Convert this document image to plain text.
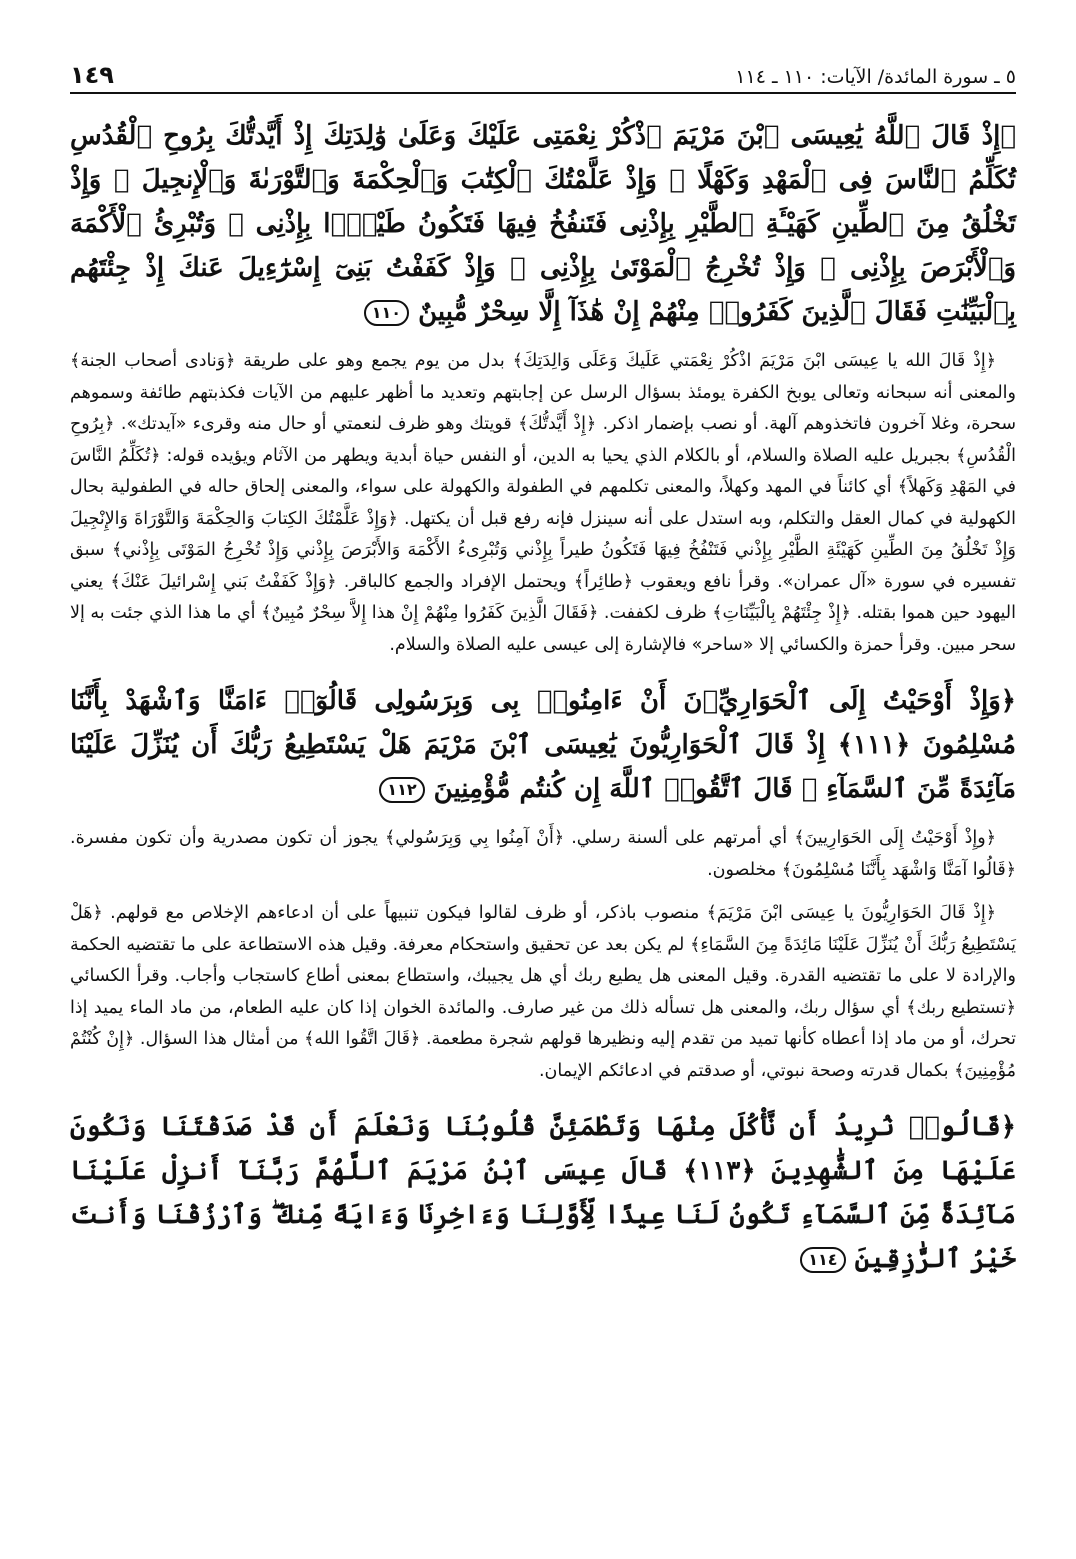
٥ ـ سورة المائدة/ الآيات: ١١٠ ـ ١١٤
١٤٩

﴿إِذْ قَالَ ٱللَّهُ يَٰعِيسَى ٱبْنَ مَرْيَمَ ٱذْكُرْ نِعْمَتِى عَلَيْكَ وَعَلَىٰ وَٰلِدَتِكَ إِذْ أَيَّدتُّكَ بِرُوحِ ٱلْقُدُسِ تُكَلِّمُ ٱلنَّاسَ فِى ٱلْمَهْدِ وَكَهْلًا ۖ وَإِذْ عَلَّمْتُكَ ٱلْكِتَٰبَ وَٱلْحِكْمَةَ وَٱلتَّوْرَىٰةَ وَٱلْإِنجِيلَ ۖ وَإِذْ تَخْلُقُ مِنَ ٱلطِّينِ كَهَيْـَٔةِ ٱلطَّيْرِ بِإِذْنِى فَتَنفُخُ فِيهَا فَتَكُونُ طَيْرًۢا بِإِذْنِى ۖ وَتُبْرِئُ ٱلْأَكْمَهَ وَٱلْأَبْرَصَ بِإِذْنِى ۖ وَإِذْ تُخْرِجُ ٱلْمَوْتَىٰ بِإِذْنِى ۖ وَإِذْ كَفَفْتُ بَنِىٓ إِسْرَٰٓءِيلَ عَنكَ إِذْ جِئْتَهُم بِٱلْبَيِّنَٰتِ فَقَالَ ٱلَّذِينَ كَفَرُوا۟ مِنْهُمْ إِنْ هَٰذَآ إِلَّا سِحْرٌ مُّبِينٌ ١١٠

﴿إِذْ قَالَ الله يا عِيسَى ابْنَ مَرْيَمَ اذْكُرْ نِعْمَتي عَلَيكَ وَعَلَى وَالِدَتِكَ﴾ بدل من يوم يجمع وهو على طريقة ﴿وَنادى أصحاب الجنة﴾ والمعنى أنه سبحانه وتعالى يوبخ الكفرة يومئذ بسؤال الرسل عن إجابتهم وتعديد ما أظهر عليهم من الآيات فكذبتهم طائفة وسموهم سحرة، وغلا آخرون فاتخذوهم آلهة. أو نصب بإضمار اذكر. ﴿إِذْ أَيَّدتُّكَ﴾ قويتك وهو ظرف لنعمتي أو حال منه وقرىء «آيدتك». ﴿بِرُوحِ الْقُدُسِ﴾ بجبريل عليه الصلاة والسلام، أو بالكلام الذي يحيا به الدين، أو النفس حياة أبدية ويطهر من الآثام ويؤيده قوله: ﴿تُكَلِّمُ النَّاسَ في المَهْدِ وَكَهلاً﴾ أي كائناً في المهد وكهلاً، والمعنى تكلمهم في الطفولة والكهولة على سواء، والمعنى إلحاق حاله في الطفولية بحال الكهولية في كمال العقل والتكلم، وبه استدل على أنه سينزل فإنه رفع قبل أن يكتهل. ﴿وَإِذْ عَلَّمْتُكَ الكِتابَ وَالحِكْمَةَ وَالتَّوْرَاةَ وَالإِنْجِيلَ وَإِذْ تَخْلُقُ مِنَ الطِّينِ كَهَيْئَةِ الطَّيْرِ بِإِذْني فَتَنْفُخُ فِيهَا فَتَكُونُ طيراً بِإِذْني وَتُبْرِىءُ الأَكْمَهَ وَالأَبْرَصَ بِإِذْني وَإِذْ تُخْرِجُ المَوْتَى بِإِذْني﴾ سبق تفسيره في سورة «آل عمران». وقرأ نافع ويعقوب ﴿طائِراً﴾ ويحتمل الإفراد والجمع كالباقر. ﴿وَإِذْ كَفَفْتُ بَني إِسْرائيلَ عَنْكَ﴾ يعني اليهود حين هموا بقتله. ﴿إِذْ جِئْتَهُمْ بِالْبَيِّنَاتِ﴾ ظرف لكففت. ﴿فَقَالَ الَّذِينَ كَفَرُوا مِنْهُمْ إِنْ هذا إِلاَّ سِحْرٌ مُبِينٌ﴾ أي ما هذا الذي جئت به إلا سحر مبين. وقرأ حمزة والكسائي إلا «ساحر» فالإشارة إلى عيسى عليه الصلاة والسلام.

﴿وَإِذْ أَوْحَيْتُ إِلَى ٱلْحَوَارِيِّۦنَ أَنْ ءَامِنُوا۟ بِى وَبِرَسُولِى قَالُوٓا۟ ءَامَنَّا وَٱشْهَدْ بِأَنَّنَا مُسْلِمُونَ ﴿١١١﴾ إِذْ قَالَ ٱلْحَوَارِيُّونَ يَٰعِيسَى ٱبْنَ مَرْيَمَ هَلْ يَسْتَطِيعُ رَبُّكَ أَن يُنَزِّلَ عَلَيْنَا مَآئِدَةً مِّنَ ٱلسَّمَآءِ ۖ قَالَ ٱتَّقُوا۟ ٱللَّهَ إِن كُنتُم مُّؤْمِنِينَ ١١٢

﴿وإِذْ أَوْحَيْتُ إِلَى الحَوَارِيينَ﴾ أي أمرتهم على ألسنة رسلي. ﴿أَنْ آمِنُوا بِي وَبِرَسُولي﴾ يجوز أن تكون مصدرية وأن تكون مفسرة. ﴿قَالُوا آمَنَّا وَاشْهَد بِأَنَّنَا مُسْلِمُونَ﴾ مخلصون.

﴿إِذْ قَالَ الحَوَارِيُّونَ يا عِيسَى ابْنَ مَرْيَمَ﴾ منصوب باذكر، أو ظرف لقالوا فيكون تنبيهاً على أن ادعاءهم الإخلاص مع قولهم. ﴿هَلْ يَسْتَطِيعُ رَبُّكَ أَنْ يُنَزِّلَ عَلَيْنَا مَائِدَةً مِنَ السَّمَاءِ﴾ لم يكن بعد عن تحقيق واستحكام معرفة. وقيل هذه الاستطاعة على ما تقتضيه الحكمة والإرادة لا على ما تقتضيه القدرة. وقيل المعنى هل يطيع ربك أي هل يجيبك، واستطاع بمعنى أطاع كاستجاب وأجاب. وقرأ الكسائي ﴿تستطيع ربك﴾ أي سؤال ربك، والمعنى هل تسأله ذلك من غير صارف. والمائدة الخوان إذا كان عليه الطعام، من ماد الماء يميد إذا تحرك، أو من ماد إذا أعطاه كأنها تميد من تقدم إليه ونظيرها قولهم شجرة مطعمة. ﴿قَالَ اتَّقُوا الله﴾ من أمثال هذا السؤال. ﴿إِنْ كُنْتُمْ مُؤْمِنِينَ﴾ بكمال قدرته وصحة نبوتي، أو صدقتم في ادعائكم الإيمان.

﴿قَالُوا۟ نُرِيدُ أَن نَّأْكُلَ مِنْهَا وَتَطْمَئِنَّ قُلُوبُنَا وَنَعْلَمَ أَن قَدْ صَدَقْتَنَا وَنَكُونَ عَلَيْهَا مِنَ ٱلشَّٰهِدِينَ ﴿١١٣﴾ قَالَ عِيسَى ٱبْنُ مَرْيَمَ ٱللَّهُمَّ رَبَّنَآ أَنزِلْ عَلَيْنَا مَآئِدَةً مِّنَ ٱلسَّمَآءِ تَكُونُ لَنَا عِيدًا لِّأَوَّلِنَا وَءَاخِرِنَا وَءَايَةً مِّنكَ ۖ وَٱرْزُقْنَا وَأَنتَ خَيْرُ ٱلرَّٰزِقِينَ ١١٤
